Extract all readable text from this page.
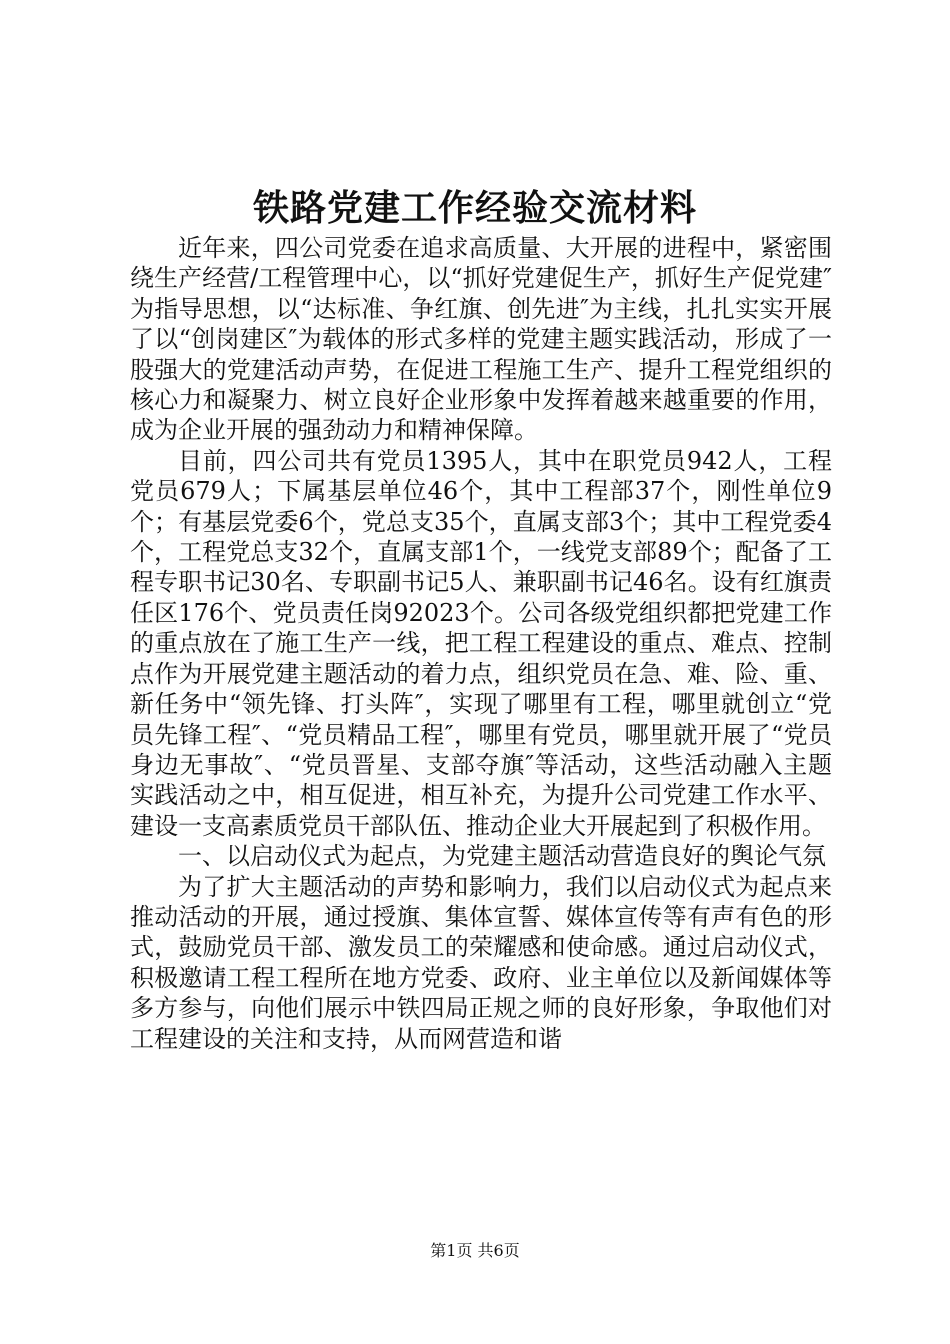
铁路党建工作经验交流材料

近年来，四公司党委在追求高质量、大开展的进程中，紧密围绕生产经营/工程管理中心，以“抓好党建促生产，抓好生产促党建″为指导思想，以“达标准、争红旗、创先进″为主线，扎扎实实开展了以“创岗建区″为载体的形式多样的党建主题实践活动，形成了一股强大的党建活动声势，在促进工程施工生产、提升工程党组织的核心力和凝聚力、树立良好企业形象中发挥着越来越重要的作用，成为企业开展的强劲动力和精神保障。

目前，四公司共有党员1395人，其中在职党员942人，工程党员679人；下属基层单位46个，其中工程部37个，刚性单位9个；有基层党委6个，党总支35个，直属支部3个；其中工程党委4个，工程党总支32个，直属支部1个，一线党支部89个；配备了工程专职书记30名、专职副书记5人、兼职副书记46名。设有红旗责任区176个、党员责任岗92023个。公司各级党组织都把党建工作的重点放在了施工生产一线，把工程工程建设的重点、难点、控制点作为开展党建主题活动的着力点，组织党员在急、难、险、重、新任务中“领先锋、打头阵″，实现了哪里有工程，哪里就创立“党员先锋工程″、“党员精品工程″，哪里有党员，哪里就开展了“党员身边无事故″、“党员晋星、支部夺旗″等活动，这些活动融入主题实践活动之中，相互促进，相互补充，为提升公司党建工作水平、建设一支高素质党员干部队伍、推动企业大开展起到了积极作用。

一、以启动仪式为起点，为党建主题活动营造良好的舆论气氛

为了扩大主题活动的声势和影响力，我们以启动仪式为起点来推动活动的开展，通过授旗、集体宣誓、媒体宣传等有声有色的形式，鼓励党员干部、激发员工的荣耀感和使命感。通过启动仪式，积极邀请工程工程所在地方党委、政府、业主单位以及新闻媒体等多方参与，向他们展示中铁四局正规之师的良好形象，争取他们对工程建设的关注和支持，从而网营造和谐

第1页 共6页
